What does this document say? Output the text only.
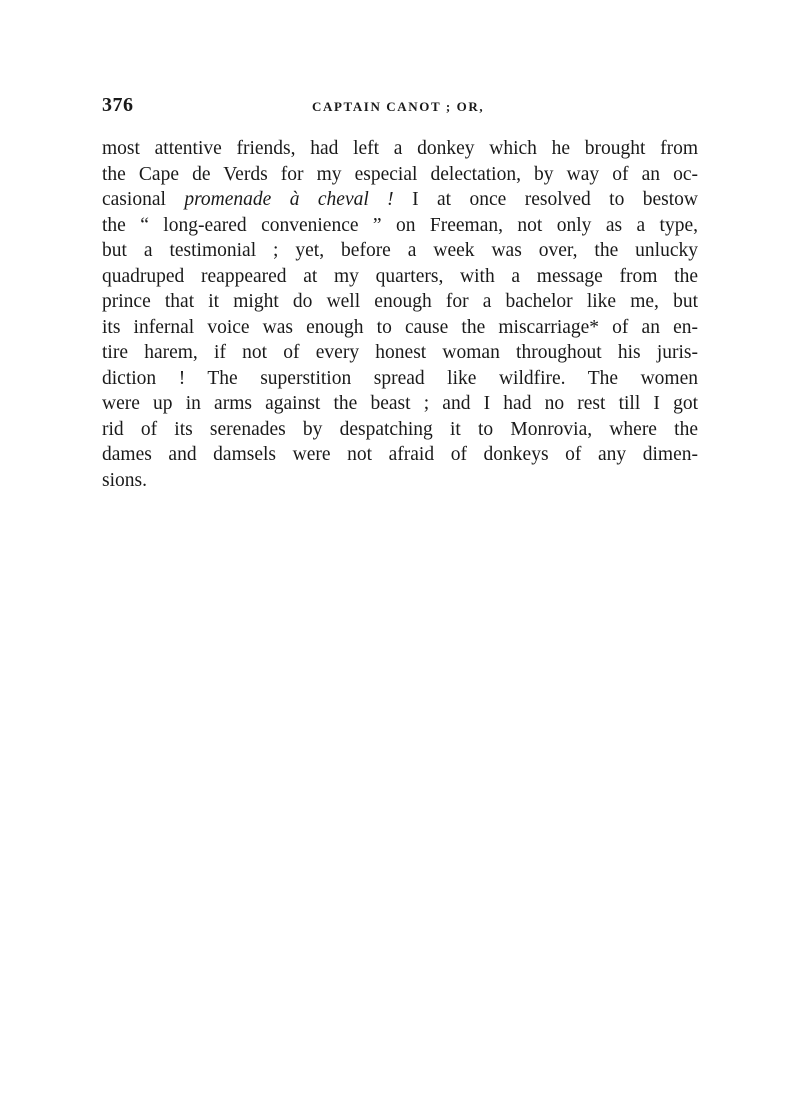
376	CAPTAIN CANOT ; OR,
most attentive friends, had left a donkey which he brought from
the Cape de Verds for my especial delectation, by way of an oc-
casional promenade à cheval ! I at once resolved to bestow
the “ long-eared convenience ” on Freeman, not only as a type,
but a testimonial ; yet, before a week was over, the unlucky
quadruped reappeared at my quarters, with a message from the
prince that it might do well enough for a bachelor like me, but
its infernal voice was enough to cause the miscarriage* of an en-
tire harem, if not of every honest woman throughout his juris-
diction ! The superstition spread like wildfire. The women
were up in arms against the beast ; and I had no rest till I got
rid of its serenades by despatching it to Monrovia, where the
dames and damsels were not afraid of donkeys of any dimen-
sions.
